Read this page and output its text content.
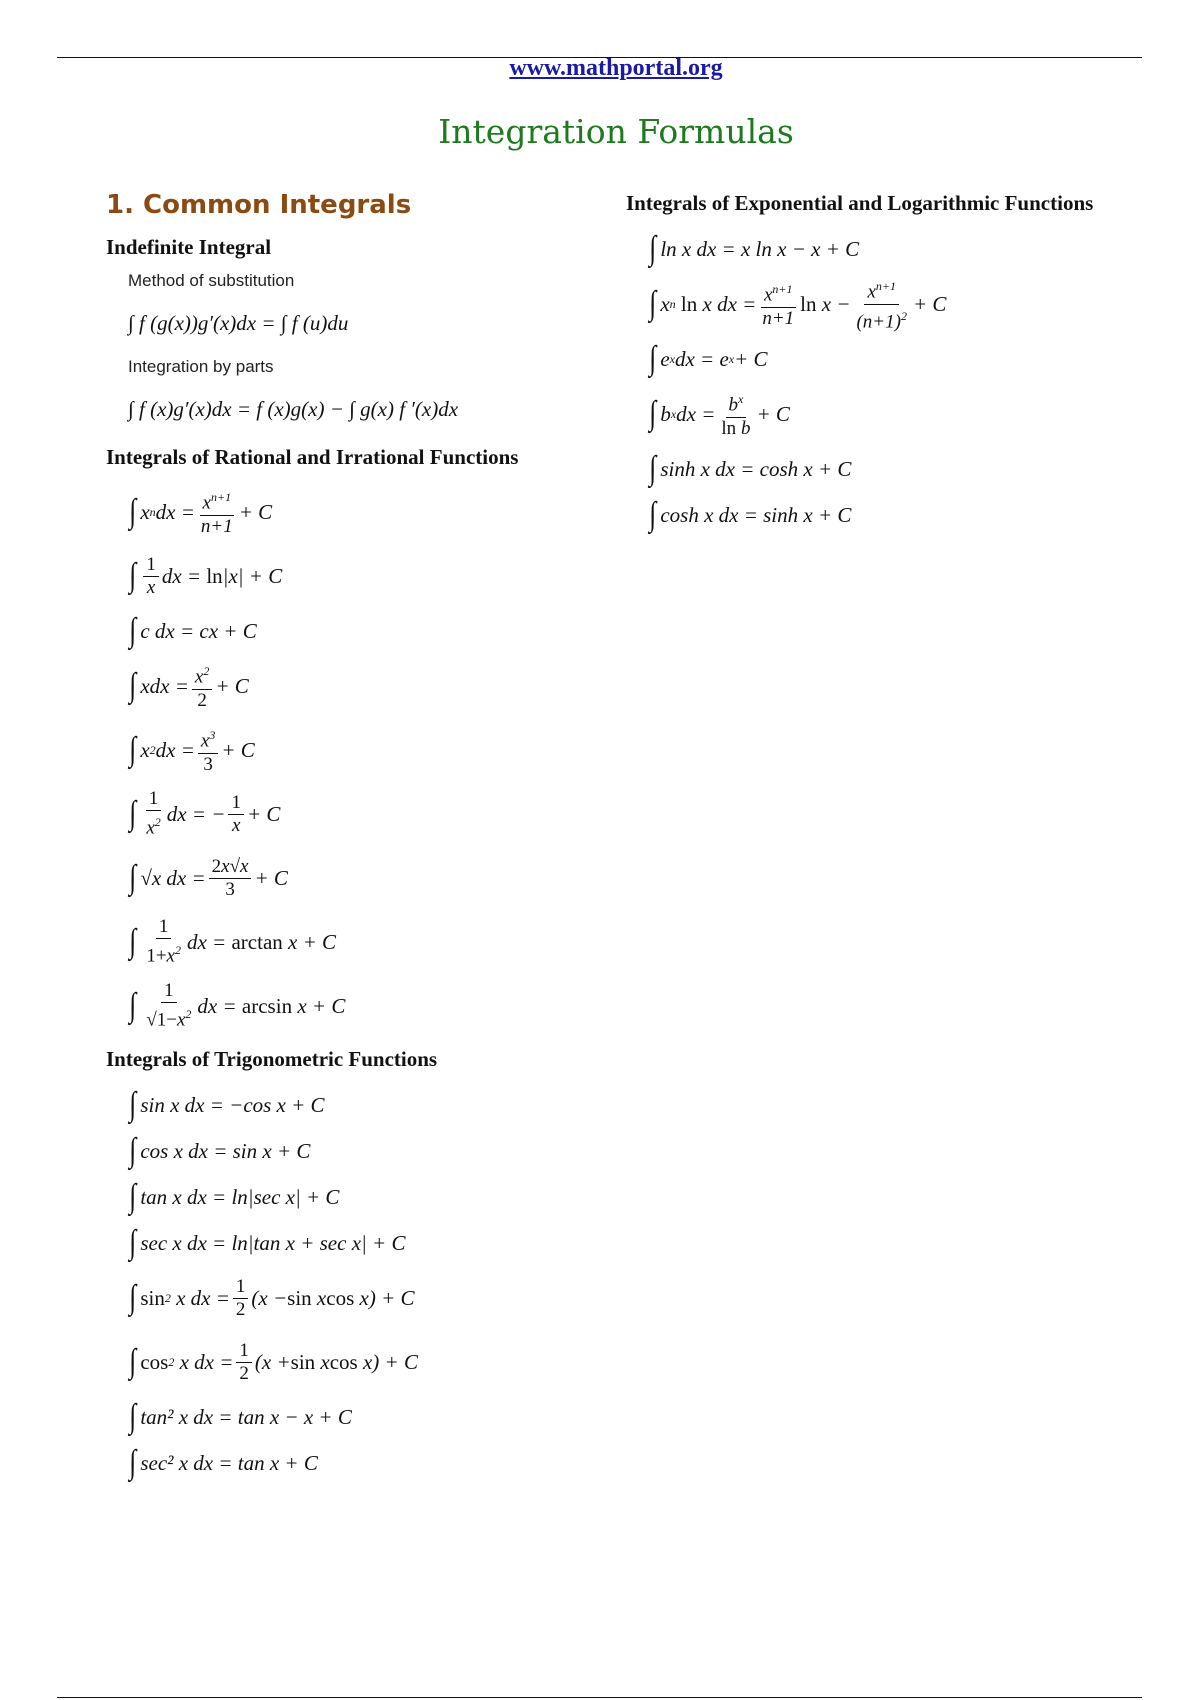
www.mathportal.org
Integration Formulas
1. Common Integrals
Indefinite Integral
Method of substitution
∫ f (g(x))g′(x)dx = ∫ f (u)du
Integration by parts
∫ f (x)g′(x)dx = f (x)g(x) − ∫ g(x) f ′(x)dx
Integrals of Rational and Irrational Functions
∫ x n dx = $\frac{x^{n+1}}{n+1} + C$
∫ $\frac{1}{x}$ dx = ln |x| + C
∫ c dx = cx + C
∫ xdx = $\frac{x^2}{2} + C$
∫ x 2 dx = $\frac{x^3}{3} + C$
∫ $\frac{1}{x^2}$ dx = − $\frac{1}{x} + C$
∫ √ x dx = $\frac{2x√x}{3} + C$
∫ $\frac{1}{1+x^2}$ dx = arctan x + C
∫ $\frac{1}{√1-x^2}$ dx = arcsin x + C
Integrals of Trigonometric Functions
∫ sin x dx = −cos x + C
∫ cos x dx = sin x + C
∫ tan x dx = ln|sec x| + C
∫ sec x dx = ln|tan x + sec x| + C
∫ sin 2 x dx = $\frac{1}{2} (x - \sin x$ cos x) + C
∫ cos 2 x dx = $\frac{1}{2} (x + \sin x$ cos x) + C
∫ tan² x dx = tan x − x + C
∫ sec² x dx = tan x + C
Integrals of Exponential and Logarithmic Functions
∫ ln x dx = x ln x − x + C
∫ x n ln x dx = $\frac{x^{n+1}}{n+1}$ $\ln x - \frac{x^{n+1}}{(n+1)^2} + C$
∫ e x dx = e x + C
∫ b x dx = $\frac{b^x}{\text{ln b}} + C$
∫ sinh x dx = cosh x + C
∫ cosh x dx = sinh x + C
